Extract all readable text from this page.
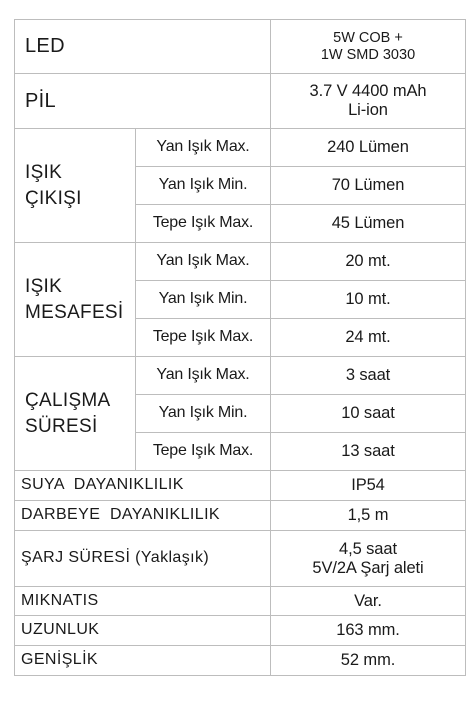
LED		5W COB +
1W SMD 3030

PİL		3.7 V 4400 mAh
Li-ion

IŞIK
ÇIKIŞI	Yan Işık Max.	240 Lümen
	Yan Işık Min.	70 Lümen
	Tepe Işık Max.	45 Lümen

IŞIK
MESAFESİ	Yan Işık Max.	20 mt.
	Yan Işık Min.	10 mt.
	Tepe Işık Max.	24 mt.

ÇALIŞMA
SÜRESİ	Yan Işık Max.	3 saat
	Yan Işık Min.	10 saat
	Tepe Işık Max.	13 saat
SUYA  DAYANIKLILIK		IP54
DARBEYE  DAYANIKLILIK		1,5 m
ŞARJ SÜRESİ (Yaklaşık)		4,5 saat
5V/2A Şarj aleti

MIKNATIS		Var.
UZUNLUK		163 mm.
GENİŞLİK		52 mm.
